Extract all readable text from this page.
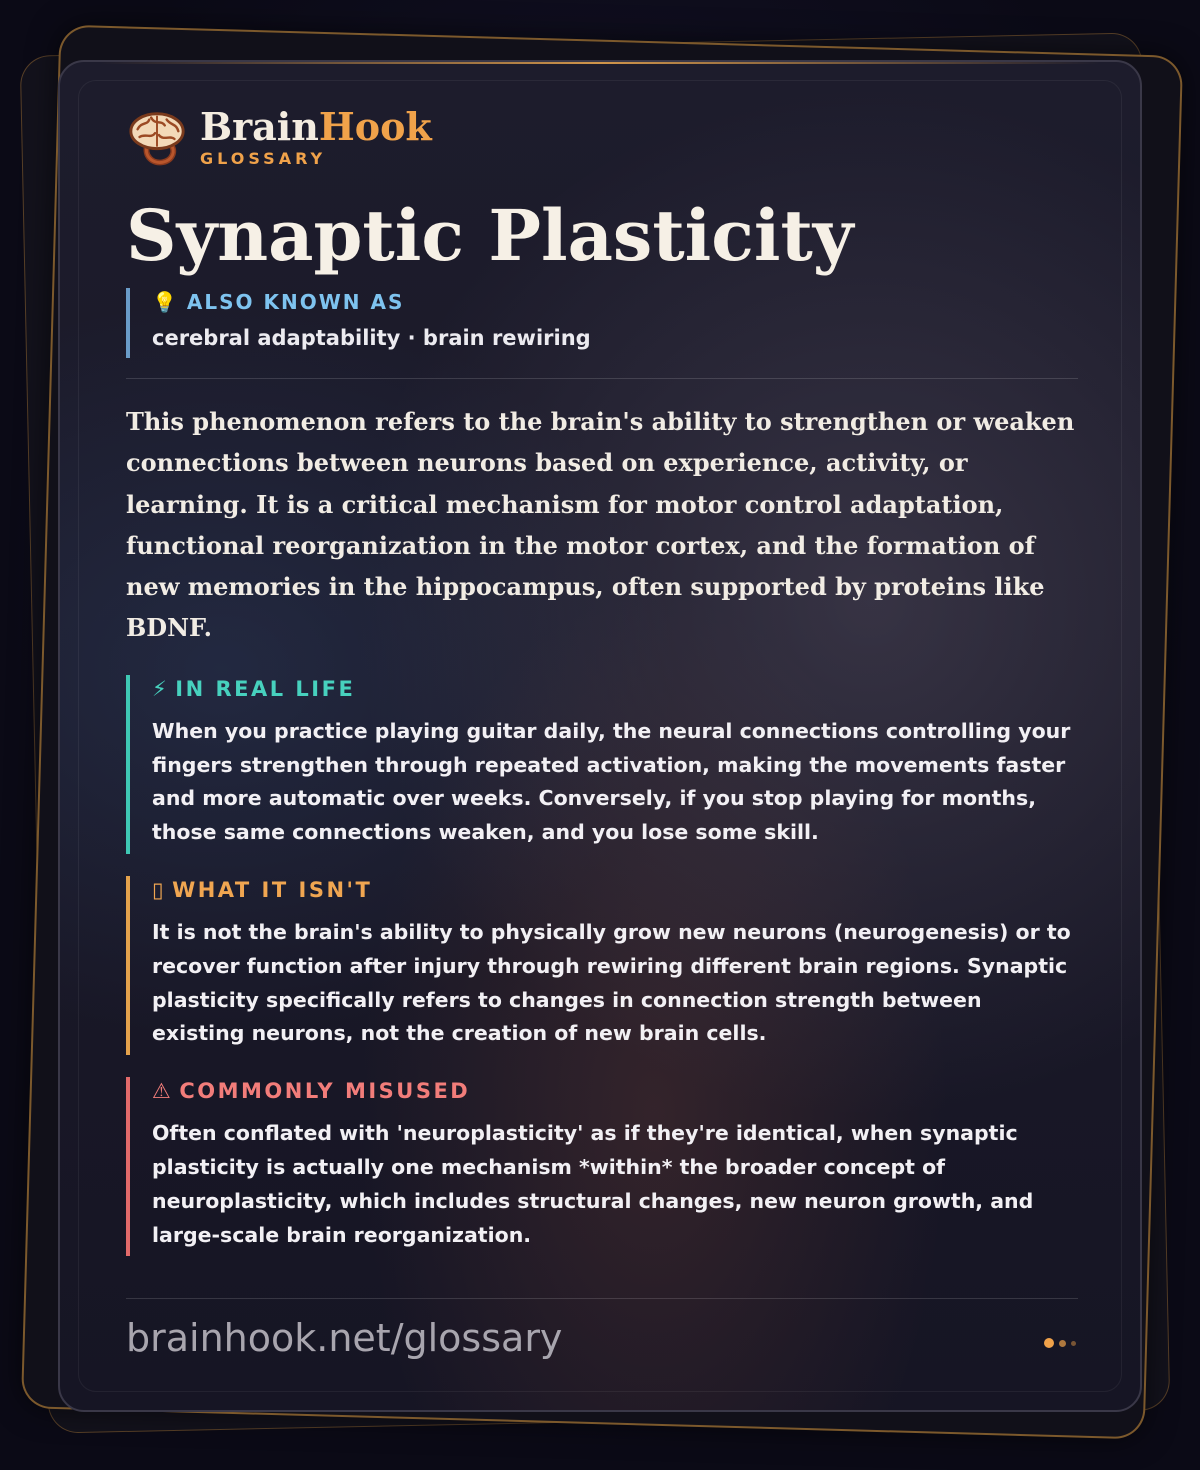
BrainHook
GLOSSARY
Synaptic Plasticity
💡 ALSO KNOWN AS
cerebral adaptability · brain rewiring
This phenomenon refers to the brain's ability to strengthen or weaken connections between neurons based on experience, activity, or learning. It is a critical mechanism for motor control adaptation, functional reorganization in the motor cortex, and the formation of new memories in the hippocampus, often supported by proteins like BDNF.
⚡ IN REAL LIFE
When you practice playing guitar daily, the neural connections controlling your fingers strengthen through repeated activation, making the movements faster and more automatic over weeks. Conversely, if you stop playing for months, those same connections weaken, and you lose some skill.
▯ WHAT IT ISN'T
It is not the brain's ability to physically grow new neurons (neurogenesis) or to recover function after injury through rewiring different brain regions. Synaptic plasticity specifically refers to changes in connection strength between existing neurons, not the creation of new brain cells.
⚠ COMMONLY MISUSED
Often conflated with 'neuroplasticity' as if they're identical, when synaptic plasticity is actually one mechanism *within* the broader concept of neuroplasticity, which includes structural changes, new neuron growth, and large-scale brain reorganization.
brainhook.net/glossary
